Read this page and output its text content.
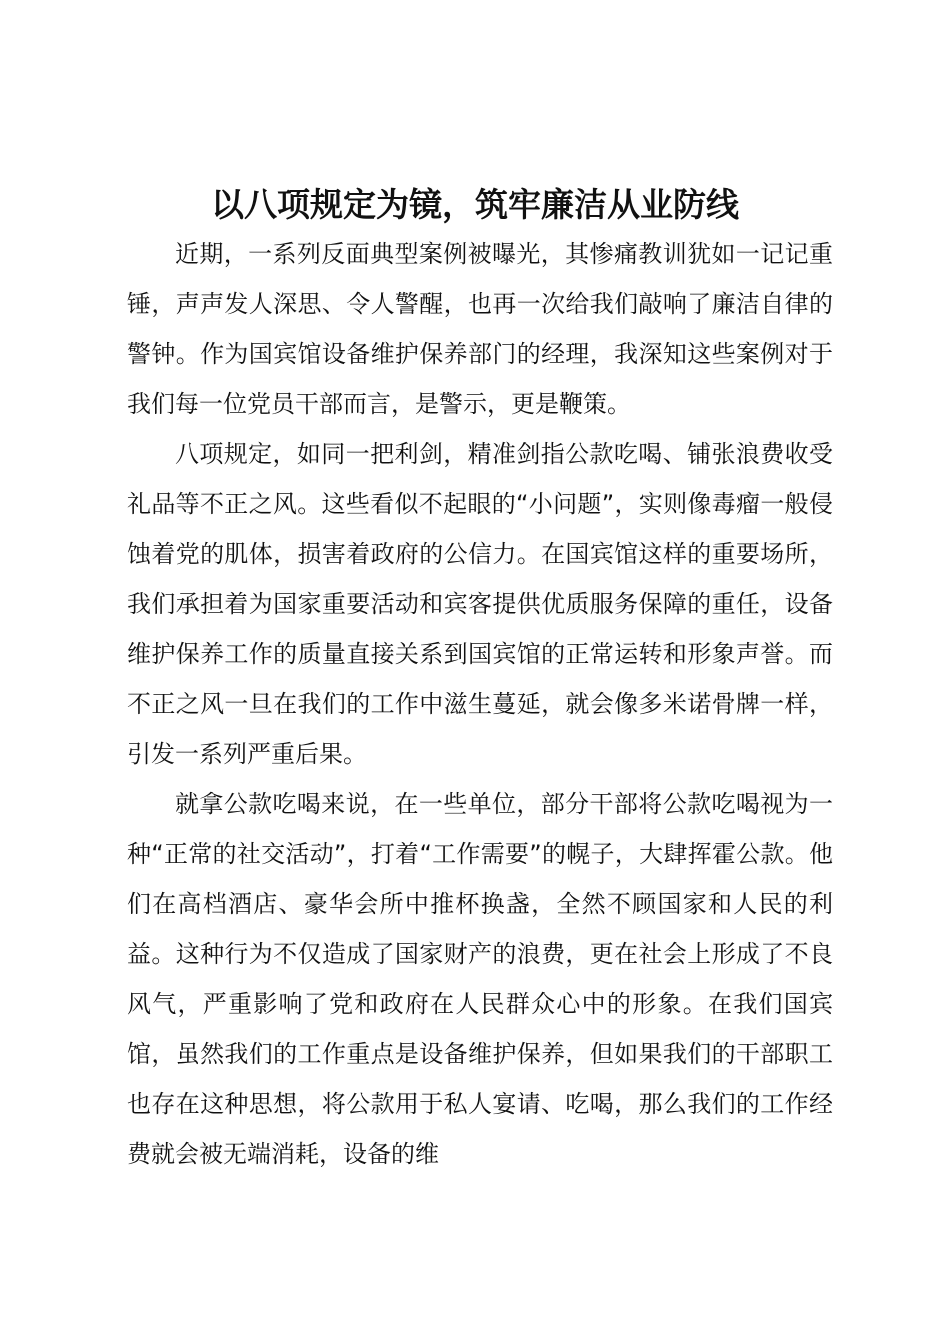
以八项规定为镜，筑牢廉洁从业防线

近期，一系列反面典型案例被曝光，其惨痛教训犹如一记记重锤，声声发人深思、令人警醒，也再一次给我们敲响了廉洁自律的警钟。作为国宾馆设备维护保养部门的经理，我深知这些案例对于我们每一位党员干部而言，是警示，更是鞭策。

八项规定，如同一把利剑，精准剑指公款吃喝、铺张浪费收受礼品等不正之风。这些看似不起眼的“小问题”，实则像毒瘤一般侵蚀着党的肌体，损害着政府的公信力。在国宾馆这样的重要场所，我们承担着为国家重要活动和宾客提供优质服务保障的重任，设备维护保养工作的质量直接关系到国宾馆的正常运转和形象声誉。而不正之风一旦在我们的工作中滋生蔓延，就会像多米诺骨牌一样，引发一系列严重后果。

就拿公款吃喝来说，在一些单位，部分干部将公款吃喝视为一种“正常的社交活动”，打着“工作需要”的幌子，大肆挥霍公款。他们在高档酒店、豪华会所中推杯换盏，全然不顾国家和人民的利益。这种行为不仅造成了国家财产的浪费，更在社会上形成了不良风气，严重影响了党和政府在人民群众心中的形象。在我们国宾馆，虽然我们的工作重点是设备维护保养，但如果我们的干部职工也存在这种思想，将公款用于私人宴请、吃喝，那么我们的工作经费就会被无端消耗，设备的维
